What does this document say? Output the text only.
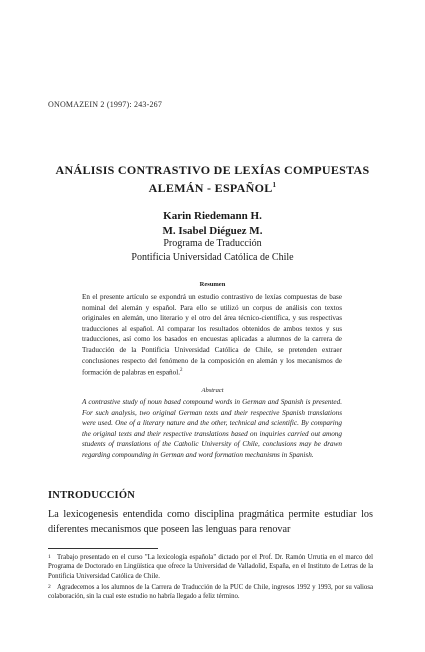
ONOMAZEIN 2 (1997): 243-267
ANÁLISIS CONTRASTIVO DE LEXÍAS COMPUESTAS
ALEMÁN - ESPAÑOL$^1$
Karin Riedemann H.
M. Isabel Diéguez M.
Programa de Traducción
Pontificia Universidad Católica de Chile
Resumen

En el presente artículo se expondrá un estudio contrastivo de lexías compuestas de base nominal del alemán y español. Para ello se utilizó un corpus de análisis con textos originales en alemán, uno literario y el otro del área técnico-científica, y sus respectivas traducciones al español. Al comparar los resultados obtenidos de ambos textos y sus traducciones, así como los basados en encuestas aplicadas a alumnos de la carrera de Traducción de la Pontificia Universidad Católica de Chile, se pretenden extraer conclusiones respecto del fenómeno de la composición en alemán y los mecanismos de formación de palabras en español.$^2$

Abstract

A contrastive study of noun based compound words in German and Spanish is presented. For such analysis, two original German texts and their respective Spanish translations were used. One of a literary nature and the other, technical and scientific. By comparing the original texts and their respective translations based on inquiries carried out among students of translations of the Catholic University of Chile, conclusions may be drawn regarding compounding in German and word formation mechanisms in Spanish.

INTRODUCCIÓN

La lexicogenesis entendida como disciplina pragmática permite estudiar los diferentes mecanismos que poseen las lenguas para renovar

1 Trabajo presentado en el curso "La lexicología española" dictado por el Prof. Dr. Ramón Urrutia en el marco del Programa de Doctorado en Lingüística que ofrece la Universidad de Valladolid, España, en el Instituto de Letras de la Pontificia Universidad Católica de Chile.

2 Agradecemos a los alumnos de la Carrera de Traducción de la PUC de Chile, ingresos 1992 y 1993, por su valiosa colaboración, sin la cual este estudio no habría llegado a feliz término.
